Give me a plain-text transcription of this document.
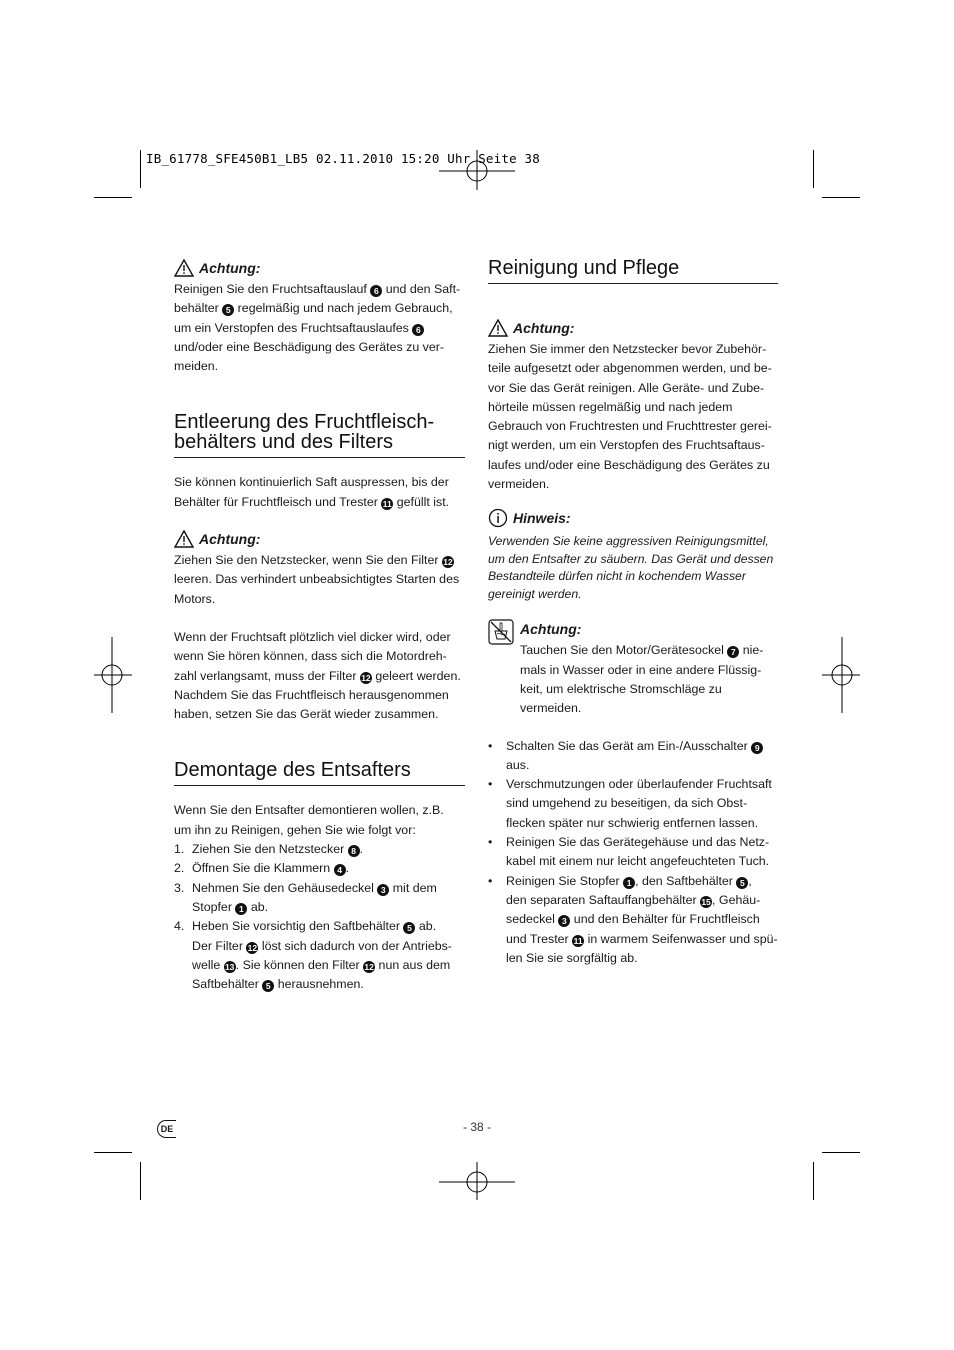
IB_61778_SFE450B1_LB5 02.11.2010 15:20 Uhr Seite 38
Achtung:

Reinigen Sie den Fruchtsaftauslauf 6 und den Saft-

behälter 5 regelmäßig und nach jedem Gebrauch,

um ein Verstopfen des Fruchtsaftauslaufes 6

und/oder eine Beschädigung des Gerätes zu ver-

meiden.

Entleerung des Fruchtfleisch-
behälters und des Filters

Sie können kontinuierlich Saft auspressen, bis der

Behälter für Fruchtfleisch und Trester 11 gefüllt ist.

Achtung:

Ziehen Sie den Netzstecker, wenn Sie den Filter 12

leeren. Das verhindert unbeabsichtigtes Starten des

Motors.

Wenn der Fruchtsaft plötzlich viel dicker wird, oder

wenn Sie hören können, dass sich die Motordreh-

zahl verlangsamt, muss der Filter 12 geleert werden.

Nachdem Sie das Fruchtfleisch herausgenommen

haben, setzen Sie das Gerät wieder zusammen.

Demontage des Entsafters

Wenn Sie den Entsafter demontieren wollen, z.B.

um ihn zu Reinigen, gehen Sie wie folgt vor:

1. Ziehen Sie den Netzstecker 8 .

2. Öffnen Sie die Klammern 4 .

3. Nehmen Sie den Gehäusedeckel 3 mit dem

Stopfer 1 ab.

4. Heben Sie vorsichtig den Saftbehälter 5 ab.

Der Filter 12 löst sich dadurch von der Antriebs-

welle 13. Sie können den Filter 12 nun aus dem

Saftbehälter 5 herausnehmen.

Reinigung und Pflege
Achtung:

Ziehen Sie immer den Netzstecker bevor Zubehör-

teile aufgesetzt oder abgenommen werden, und be-

vor Sie das Gerät reinigen. Alle Geräte- und Zube-

hörteile müssen regelmäßig und nach jedem

Gebrauch von Fruchtresten und Fruchttrester gerei-

nigt werden, um ein Verstopfen des Fruchtsaftaus-

laufes und/oder eine Beschädigung des Gerätes zu

vermeiden.

Hinweis:

Verwenden Sie keine aggressiven Reinigungsmittel,

um den Entsafter zu säubern. Das Gerät und dessen

Bestandteile dürfen nicht in kochendem Wasser

gereinigt werden.

Achtung:

Tauchen Sie den Motor/Gerätesockel 7 nie-

mals in Wasser oder in eine andere Flüssig-

keit, um elektrische Stromschläge zu

vermeiden.

• Schalten Sie das Gerät am Ein-/Ausschalter 9

aus.

• Verschmutzungen oder überlaufender Fruchtsaft

sind umgehend zu beseitigen, da sich Obst-

flecken später nur schwierig entfernen lassen.

• Reinigen Sie das Gerätegehäuse und das Netz-

kabel mit einem nur leicht angefeuchteten Tuch.

• Reinigen Sie Stopfer 1 , den Saftbehälter 5 ,

den separaten Saftauffangbehälter 15, Gehäu-

sedeckel 3 und den Behälter für Fruchtfleisch

und Trester 11 in warmem Seifenwasser und spü-

len Sie sie sorgfältig ab.

DE	- 38 -
